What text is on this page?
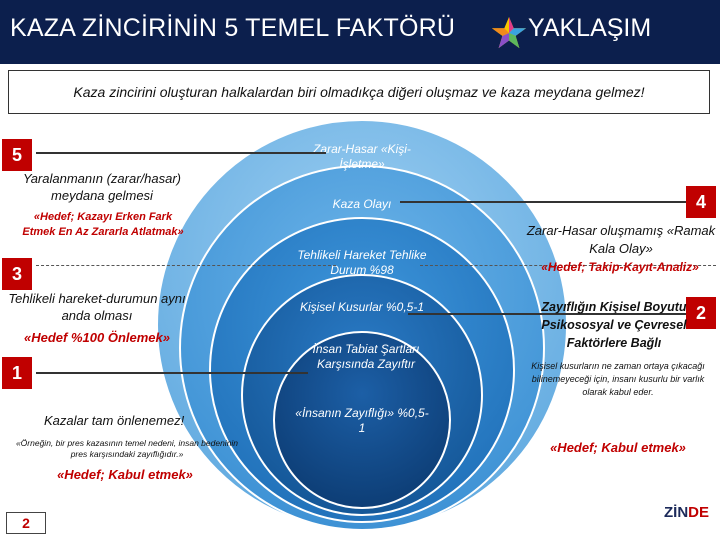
KAZA ZİNCİRİNİN 5 TEMEL FAKTÖRÜ	YAKLAŞIM
Kaza zincirini oluşturan halkalardan biri olmadıkça diğeri oluşmaz ve kaza meydana gelmez!
Zarar-Hasar «Kişi-İşletme»
Kaza Olayı
Tehlikeli Hareket Tehlike Durum %98
Kişisel Kusurlar %0,5-1
İnsan Tabiat Şartları Karşısında Zayıftır
«İnsanın Zayıflığı» %0,5-1
5
Yaralanmanın (zarar/hasar) meydana gelmesi
«Hedef; Kazayı Erken Fark Etmek En Az Zararla Atlatmak»
3
Tehlikeli hareket-durumun aynı anda olması
«Hedef %100 Önlemek»
1
Kazalar tam önlenemez!
«Örneğin, bir pres kazasının temel nedeni, insan bedeninin pres karşısındaki zayıflığıdır.»
«Hedef; Kabul etmek»
4
Zarar-Hasar oluşmamış «Ramak Kala Olay»
«Hedef; Takip-Kayıt-Analiz»
2
Zayıflığın Kişisel Boyutu Psikososyal ve Çevresel Faktörlere Bağlı
Kişisel kusurların ne zaman ortaya çıkacağı bilinemeyeceği için, insanı kusurlu bir varlık olarak kabul eder.
«Hedef; Kabul etmek»
2
ZİNDE
